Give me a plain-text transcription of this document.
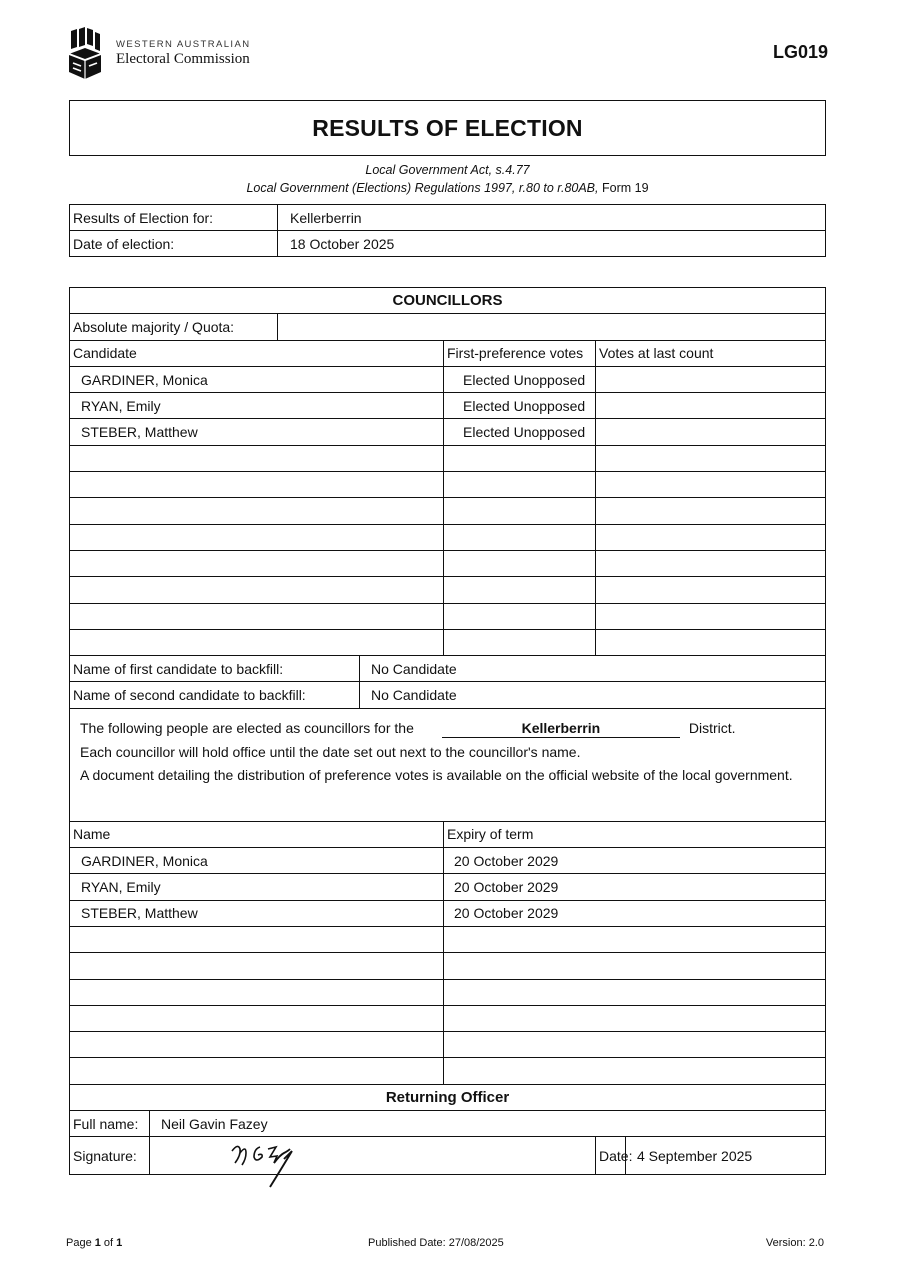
WESTERN AUSTRALIAN
Electoral Commission	LG019
RESULTS OF ELECTION
Local Government Act, s.4.77
Local Government (Elections) Regulations 1997, r.80 to r.80AB, Form 19
Results of Election for:	Kellerberrin
Date of election:	18 October 2025
COUNCILLORS						
Absolute majority / Quota:						
Candidate				First-preference votes	Votes at last count	
GARDINER, Monica				Elected Unopposed		
RYAN, Emily				Elected Unopposed		
STEBER, Matthew				Elected Unopposed		

Name of first candidate to backfill:			No Candidate			
Name of second candidate to backfill:			No Candidate			

The following people are elected as councillors for the Kellerberrin District.

Each councillor will hold office until the date set out next to the councillor's name.

A document detailing the distribution of preference votes is available on the official website of the local government.						

Name				Expiry of term		
GARDINER, Monica				20 October 2029		
RYAN, Emily				20 October 2029		
STEBER, Matthew				20 October 2029		

Returning Officer						
Full name:	Neil Gavin Fazey					
Signature:					Date:	4 September 2025
Page 1 of 1	Published Date: 27/08/2025	Version: 2.0
